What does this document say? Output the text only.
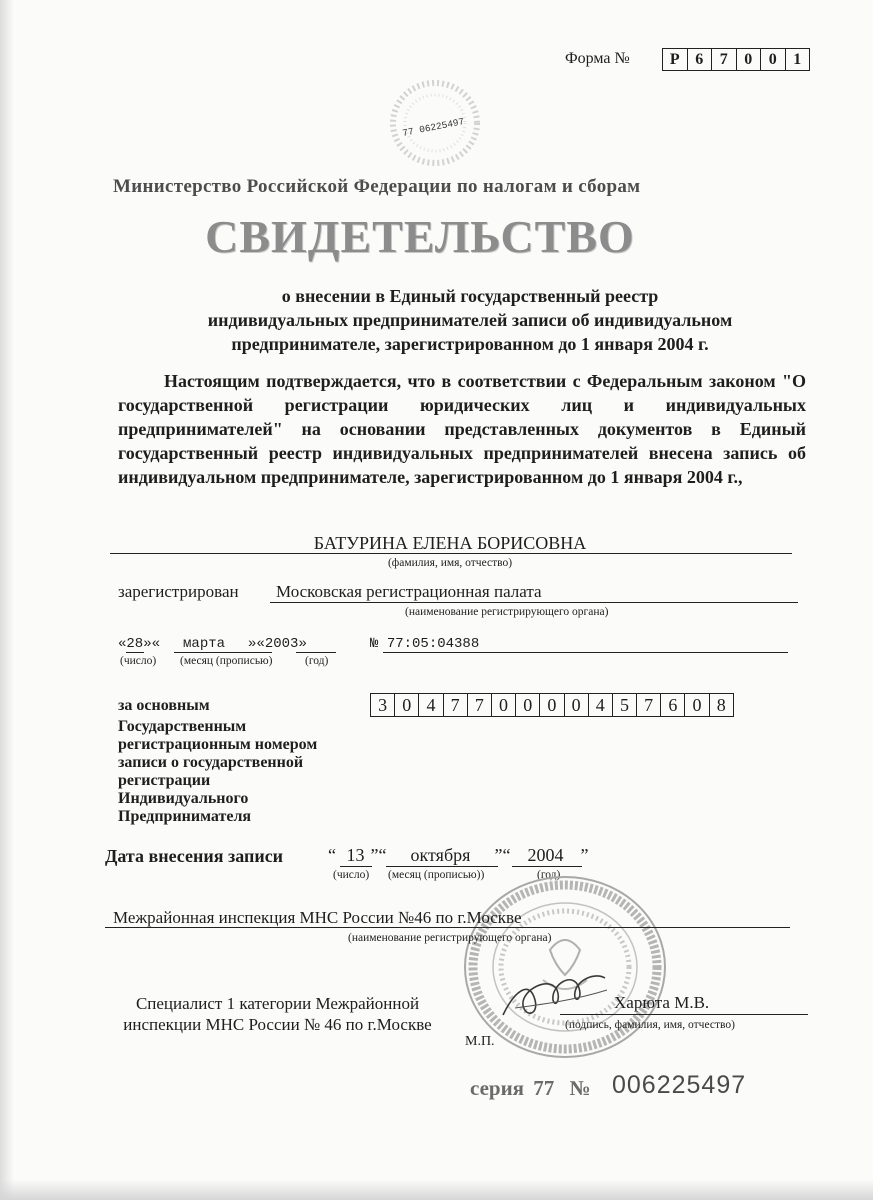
Форма №	Р 6	7	0	0	1
77 06225497
Министерство Российской Федерации по налогам и сборам
СВИДЕТЕЛЬСТВО
о внесении в Единый государственный реестр
индивидуальных предпринимателей записи об индивидуальном
предпринимателе, зарегистрированном до 1 января 2004 г.
Настоящим подтверждается, что в соответствии с Федеральным законом "О государственной регистрации юридических лиц и индивидуальных предпринимателей" на основании представленных документов в Единый государственный реестр индивидуальных предпринимателей внесена запись об индивидуальном предпринимателе, зарегистрированном до 1 января 2004 г.,
БАТУРИНА ЕЛЕНА БОРИСОВНА
(фамилия, имя, отчество)
зарегистрирован Московская регистрационная палата
(наименование регистрирующего органа)
«28»« марта »«2003»	№ 77:05:04388
(число) (месяц (прописью)	(год)
за основным
Государственным
регистрационным номером
записи о государственной
регистрации
Индивидуального
Предпринимателя
3 0 4 7 7 0 0 0 0 4 5 7 6 0 8
Дата внесения записи “ 13 ”“ октября ”“ 2004 ”
(число) (месяц (прописью))	(год)
Межрайонная инспекция МНС России №46 по г.Москве
(наименование регистрирующего органа)
Специалист 1 категории Межрайонной
инспекции МНС России № 46 по г.Москве
Харюта М.В.
(подпись, фамилия, имя, отчество)
М.П.
серия 77 № 006225497
